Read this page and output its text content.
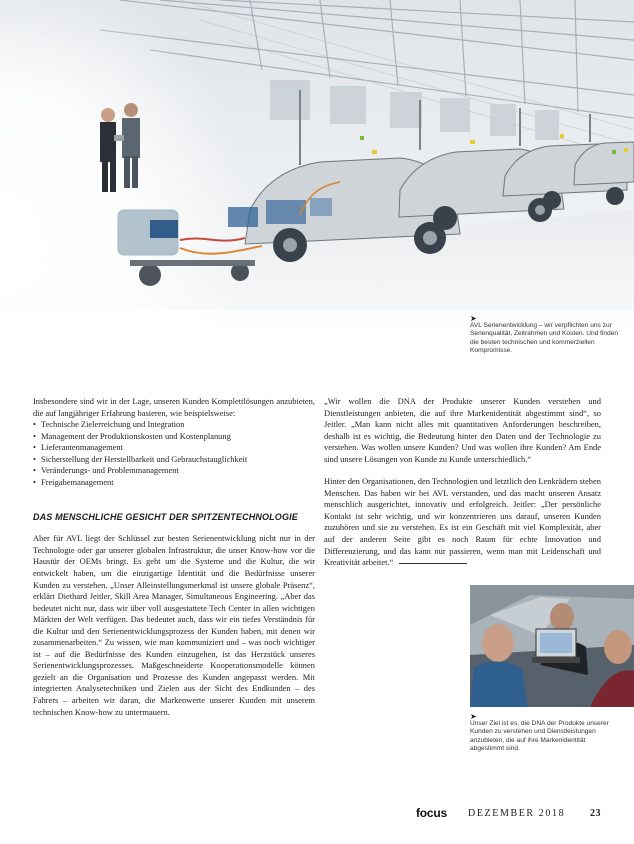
➤
AVL Serienentwicklung – wir verpflichten uns zur Serienqualität, Zeitrahmen und Kosten. Und finden die besten technischen und kommerziellen Kompromisse.

Insbesondere sind wir in der Lage, unseren Kunden Komplettlösungen anzubieten, die auf langjähriger Erfahrung basieren, wie beispielsweise:

• Technische Zielerreichung und Integration
• Management der Produktionskosten und Kostenplanung
• Lieferantenmanagement
• Sicherstellung der Herstellbarkeit und Gebrauchstauglichkeit
• Veränderungs- und Problemmanagement
• Freigabemanagement
DAS MENSCHLICHE GESICHT DER SPITZENTECHNOLOGIE

Aber für AVL liegt der Schlüssel zur besten Serienentwicklung nicht nur in der Technologie oder gar unserer globalen Infrastruktur, die unser Know-how vor die Haustür der OEMs bringt. Es geht um die Systeme und die Kultur, die wir entwickelt haben, um die einzigartige Identität und die Bedürfnisse unserer Kunden zu verstehen. „Unser Alleinstellungsmerkmal ist unsere globale Präsenz“, erklärt Diethard Jeitler, Skill Area Manager, Simultaneous Engineering. „Aber das bedeutet nicht nur, dass wir über voll ausgestattete Tech Center in allen wichtigen Märkten der Welt verfügen. Das bedeutet auch, dass wir ein tiefes Verständnis für die Kultur und den Serienentwicklungsprozess der Kunden haben, mit denen wir zusammenarbeiten.“ Zu wissen, wie man kommuniziert und – was noch wichtiger ist – auf die Bedürfnisse des Kunden einzugehen, ist das Herzstück unseres Serienentwicklungsprozesses. Maßgeschneiderte Kooperationsmodelle können gezielt an die Organisation und Prozesse des Kunden angepasst werden. Mit integrierten Analysetechniken und Zielen aus der Sicht des Endkunden – des Fahrers – arbeiten wir daran, die Markenwerte unserer Kunden mit unserem technischen Know-how zu untermauern.

„Wir wollen die DNA der Produkte unserer Kunden verstehen und Dienstleistungen anbieten, die auf ihre Markenidentität abgestimmt sind“, so Jeitler. „Man kann nicht alles mit quantitativen Anforderungen beschreiben, deshalb ist es wichtig, die Bedeutung hinter den Daten und der Technologie zu verstehen. Was wollen unsere Kunden? Und was wollen ihre Kunden? Am Ende sind unsere Lösungen von Kunde zu Kunde unterschiedlich.“

Hinter den Organisationen, den Technologien und letztlich den Lenkrädern stehen Menschen. Das haben wir bei AVL verstanden, und das macht unseren Ansatz menschlich ausgerichtet, innovativ und erfolgreich. Jeitler: „Der persönliche Kontakt ist sehr wichtig, und wir konzentrieren uns darauf, unseren Kunden zuzuhören und sie zu verstehen. Es ist ein Geschäft mit viel Komplexität, aber auf der anderen Seite gibt es noch Raum für echte Innovation und Differenzierung, und das kann nur passieren, wenn man mit Leidenschaft und Kreativität arbeitet.“

➤
Unser Ziel ist es, die DNA der Produkte unserer Kunden zu verstehen und Dienstleistungen anzubieten, die auf ihre Markenidentität abgestimmt sind.
focus DEZEMBER 2018 23
